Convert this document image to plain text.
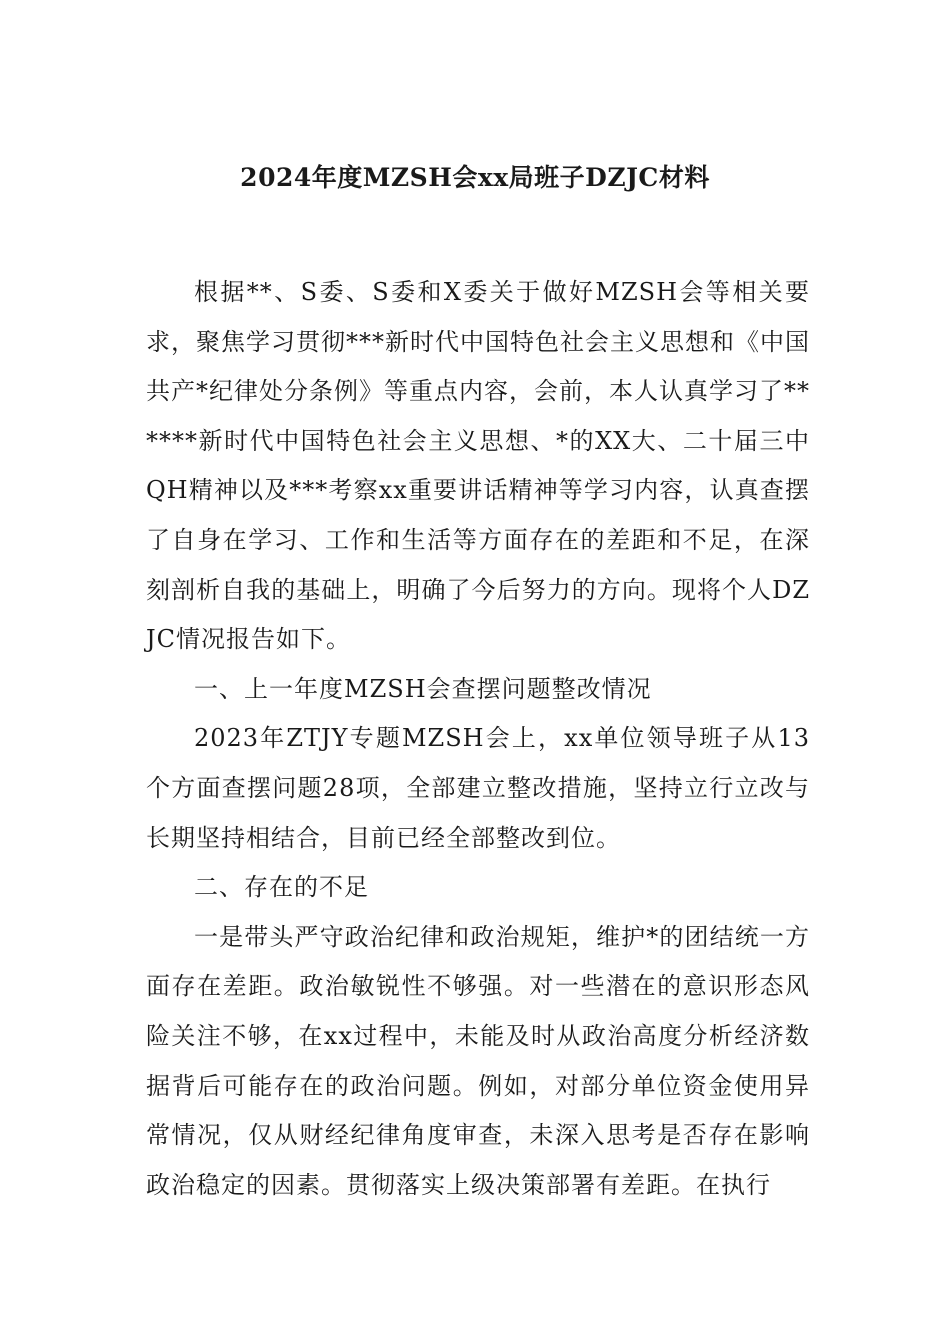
2024年度MZSH会xx局班子DZJC材料

根据**、S委、S委和X委关于做好MZSH会等相关要求，聚焦学习贯彻***新时代中国特色社会主义思想和《中国共产*纪律处分条例》等重点内容，会前，本人认真学习了******新时代中国特色社会主义思想、*的XX大、二十届三中QH精神以及***考察xx重要讲话精神等学习内容，认真查摆了自身在学习、工作和生活等方面存在的差距和不足，在深刻剖析自我的基础上，明确了今后努力的方向。现将个人DZJC情况报告如下。

一、上一年度MZSH会查摆问题整改情况

2023年ZTJY专题MZSH会上，xx单位领导班子从13个方面查摆问题28项，全部建立整改措施，坚持立行立改与长期坚持相结合，目前已经全部整改到位。

二、存在的不足

一是带头严守政治纪律和政治规矩，维护*的团结统一方面存在差距。政治敏锐性不够强。对一些潜在的意识形态风险关注不够，在xx过程中，未能及时从政治高度分析经济数据背后可能存在的政治问题。例如，对部分单位资金使用异常情况，仅从财经纪律角度审查，未深入思考是否存在影响政治稳定的因素。贯彻落实上级决策部署有差距。在执行
